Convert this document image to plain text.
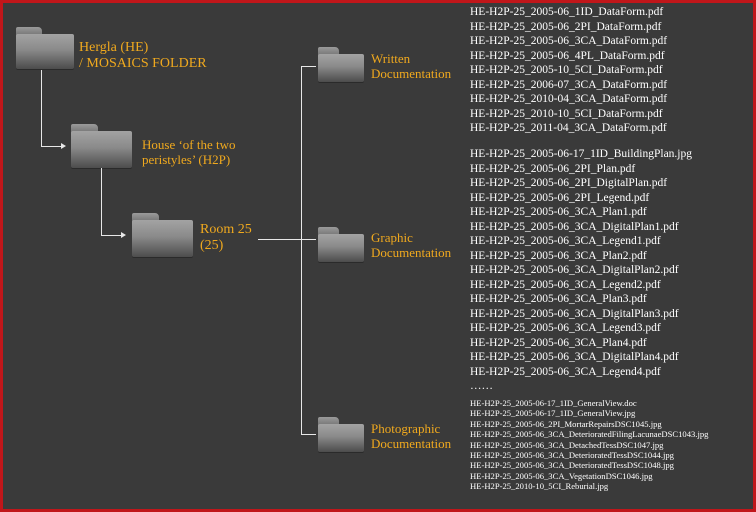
Hergla (HE)
/ MOSAICS FOLDER
House ‘of the two
peristyles’ (H2P)
Room 25
(25)
Written
Documentation
Graphic
Documentation
Photographic
Documentation
HE-H2P-25_2005-06_1ID_DataForm.pdf
HE-H2P-25_2005-06_2PI_DataForm.pdf
HE-H2P-25_2005-06_3CA_DataForm.pdf
HE-H2P-25_2005-06_4PL_DataForm.pdf
HE-H2P-25_2005-10_5CI_DataForm.pdf
HE-H2P-25_2006-07_3CA_DataForm.pdf
HE-H2P-25_2010-04_3CA_DataForm.pdf
HE-H2P-25_2010-10_5CI_DataForm.pdf
HE-H2P-25_2011-04_3CA_DataForm.pdf
HE-H2P-25_2005-06-17_1ID_BuildingPlan.jpg
HE-H2P-25_2005-06_2PI_Plan.pdf
HE-H2P-25_2005-06_2PI_DigitalPlan.pdf
HE-H2P-25_2005-06_2PI_Legend.pdf
HE-H2P-25_2005-06_3CA_Plan1.pdf
HE-H2P-25_2005-06_3CA_DigitalPlan1.pdf
HE-H2P-25_2005-06_3CA_Legend1.pdf
HE-H2P-25_2005-06_3CA_Plan2.pdf
HE-H2P-25_2005-06_3CA_DigitalPlan2.pdf
HE-H2P-25_2005-06_3CA_Legend2.pdf
HE-H2P-25_2005-06_3CA_Plan3.pdf
HE-H2P-25_2005-06_3CA_DigitalPlan3.pdf
HE-H2P-25_2005-06_3CA_Legend3.pdf
HE-H2P-25_2005-06_3CA_Plan4.pdf
HE-H2P-25_2005-06_3CA_DigitalPlan4.pdf
HE-H2P-25_2005-06_3CA_Legend4.pdf
……
HE-H2P-25_2005-06-17_1ID_GeneralView.doc
HE-H2P-25_2005-06-17_1ID_GeneralView.jpg
HE-H2P-25_2005-06_2PI_MortarRepairsDSC1045.jpg
HE-H2P-25_2005-06_3CA_DeterioratedFilingLacunaeDSC1043.jpg
HE-H2P-25_2005-06_3CA_DetachedTessDSC1047.jpg
HE-H2P-25_2005-06_3CA_DeterioratedTessDSC1044.jpg
HE-H2P-25_2005-06_3CA_DeterioratedTessDSC1048.jpg
HE-H2P-25_2005-06_3CA_VegetationDSC1046.jpg
HE-H2P-25_2010-10_5CI_Reburial.jpg
